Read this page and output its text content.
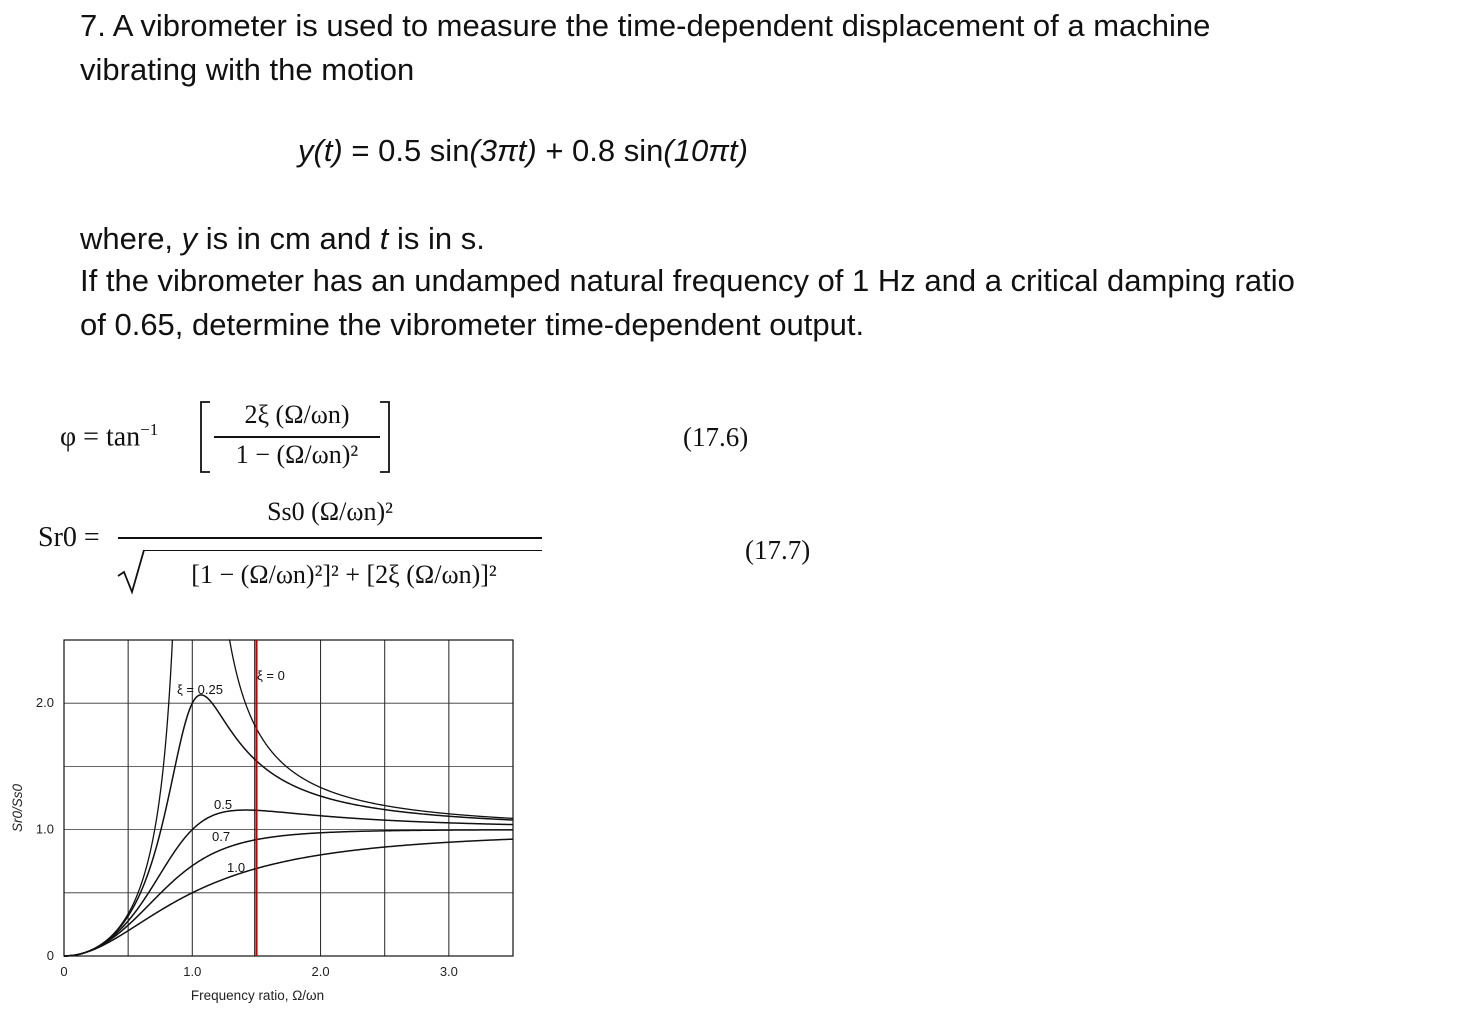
7. A vibrometer is used to measure the time-dependent displacement of a machine
vibrating with the motion
y(t) = 0.5 sin(3πt) + 0.8 sin(10πt)
where, y is in cm and t is in s.
If the vibrometer has an undamped natural frequency of 1 Hz and a critical damping ratio
of 0.65, determine the vibrometer time-dependent output.
$\varphi = \tan^{-1}$
2ξ (Ω/ωn)
1 − (Ω/ωn)²
(17.6)
Sr0 =
Ss0 (Ω/ωn)²
[1 − (Ω/ωn)²]² + [2ξ (Ω/ωn)]²
(17.7)
ξ = 0
ξ = 0.25
0.5
0.7
1.0
0	1.0	2.0	3.0
0
1.0
2.0
Frequency ratio, Ω/ωn
Sr0/Ss0
